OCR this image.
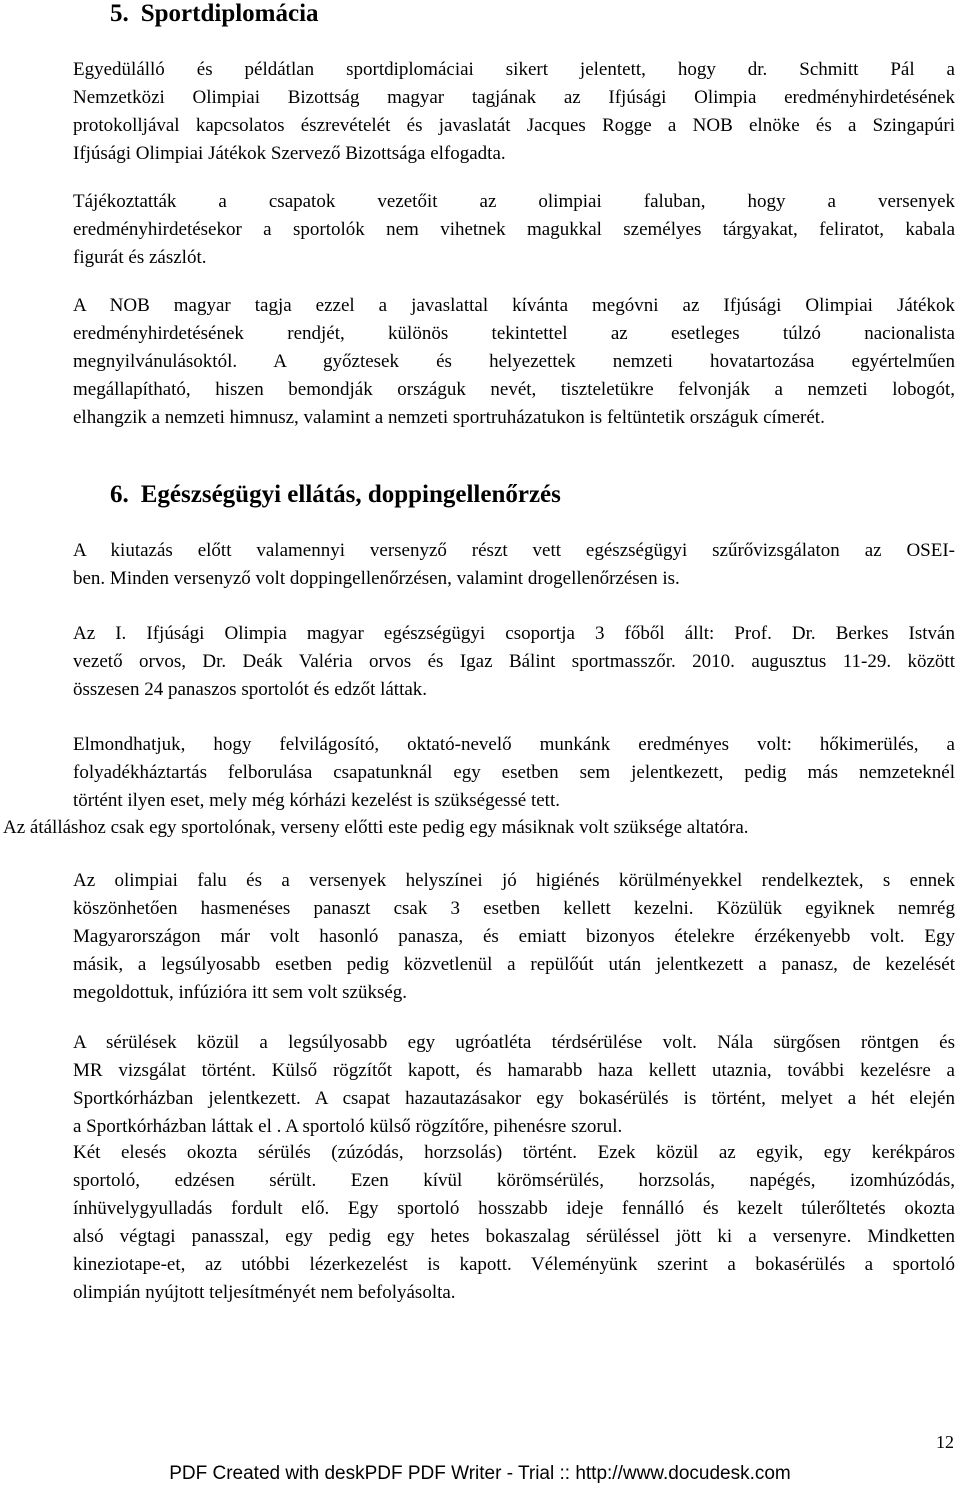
5. Sportdiplomácia

Egyedülálló és példátlan sportdiplomáciai sikert jelentett, hogy dr. Schmitt Pál a
Nemzetközi Olimpiai Bizottság magyar tagjának az Ifjúsági Olimpia eredményhirdetésének
protokolljával kapcsolatos észrevételét és javaslatát Jacques Rogge a NOB elnöke és a Szingapúri
Ifjúsági Olimpiai Játékok Szervező Bizottsága elfogadta.

Tájékoztatták a csapatok vezetőit az olimpiai faluban, hogy a versenyek
eredményhirdetésekor a sportolók nem vihetnek magukkal személyes tárgyakat, feliratot, kabala
figurát és zászlót.

A NOB magyar tagja ezzel a javaslattal kívánta megóvni az Ifjúsági Olimpiai Játékok
eredményhirdetésének rendjét, különös tekintettel az esetleges túlzó nacionalista
megnyilvánulásoktól. A győztesek és helyezettek nemzeti hovatartozása egyértelműen
megállapítható, hiszen bemondják országuk nevét, tiszteletükre felvonják a nemzeti lobogót,
elhangzik a nemzeti himnusz, valamint a nemzeti sportruházatukon is feltüntetik országuk címerét.

6. Egészségügyi ellátás, doppingellenőrzés

A kiutazás előtt valamennyi versenyző részt vett egészségügyi szűrővizsgálaton az OSEI-
ben. Minden versenyző volt doppingellenőrzésen, valamint drogellenőrzésen is.

Az I. Ifjúsági Olimpia magyar egészségügyi csoportja 3 főből állt: Prof. Dr. Berkes István
vezető orvos, Dr. Deák Valéria orvos és Igaz Bálint sportmasszőr. 2010. augusztus 11-29. között
összesen 24 panaszos sportolót és edzőt láttak.

Elmondhatjuk, hogy felvilágosító, oktató-nevelő munkánk eredményes volt: hőkimerülés, a
folyadékháztartás felborulása csapatunknál egy esetben sem jelentkezett, pedig más nemzeteknél
történt ilyen eset, mely még kórházi kezelést is szükségessé tett.

Az átálláshoz csak egy sportolónak, verseny előtti este pedig egy másiknak volt szüksége altatóra.

Az olimpiai falu és a versenyek helyszínei jó higiénés körülményekkel rendelkeztek, s ennek
köszönhetően hasmenéses panaszt csak 3 esetben kellett kezelni. Közülük egyiknek nemrég
Magyarországon már volt hasonló panasza, és emiatt bizonyos ételekre érzékenyebb volt. Egy
másik, a legsúlyosabb esetben pedig közvetlenül a repülőút után jelentkezett a panasz, de kezelését
megoldottuk, infúzióra itt sem volt szükség.

A sérülések közül a legsúlyosabb egy ugróatléta térdsérülése volt. Nála sürgősen röntgen és
MR vizsgálat történt. Külső rögzítőt kapott, és hamarabb haza kellett utaznia, további kezelésre a
Sportkórházban jelentkezett. A csapat hazautazásakor egy bokasérülés is történt, melyet a hét elején
a Sportkórházban láttak el . A sportoló külső rögzítőre, pihenésre szorul.

Két elesés okozta sérülés (zúzódás, horzsolás) történt. Ezek közül az egyik, egy kerékpáros
sportoló, edzésen sérült. Ezen kívül körömsérülés, horzsolás, napégés, izomhúzódás,
ínhüvelygyulladás fordult elő. Egy sportoló hosszabb ideje fennálló és kezelt túlerőltetés okozta
alsó végtagi panasszal, egy pedig egy hetes bokaszalag sérüléssel jött ki a versenyre. Mindketten
kineziotape-et, az utóbbi lézerkezelést is kapott. Véleményünk szerint a bokasérülés a sportoló
olimpián nyújtott teljesítményét nem befolyásolta.

12

PDF Created with deskPDF PDF Writer - Trial :: http://www.docudesk.com
